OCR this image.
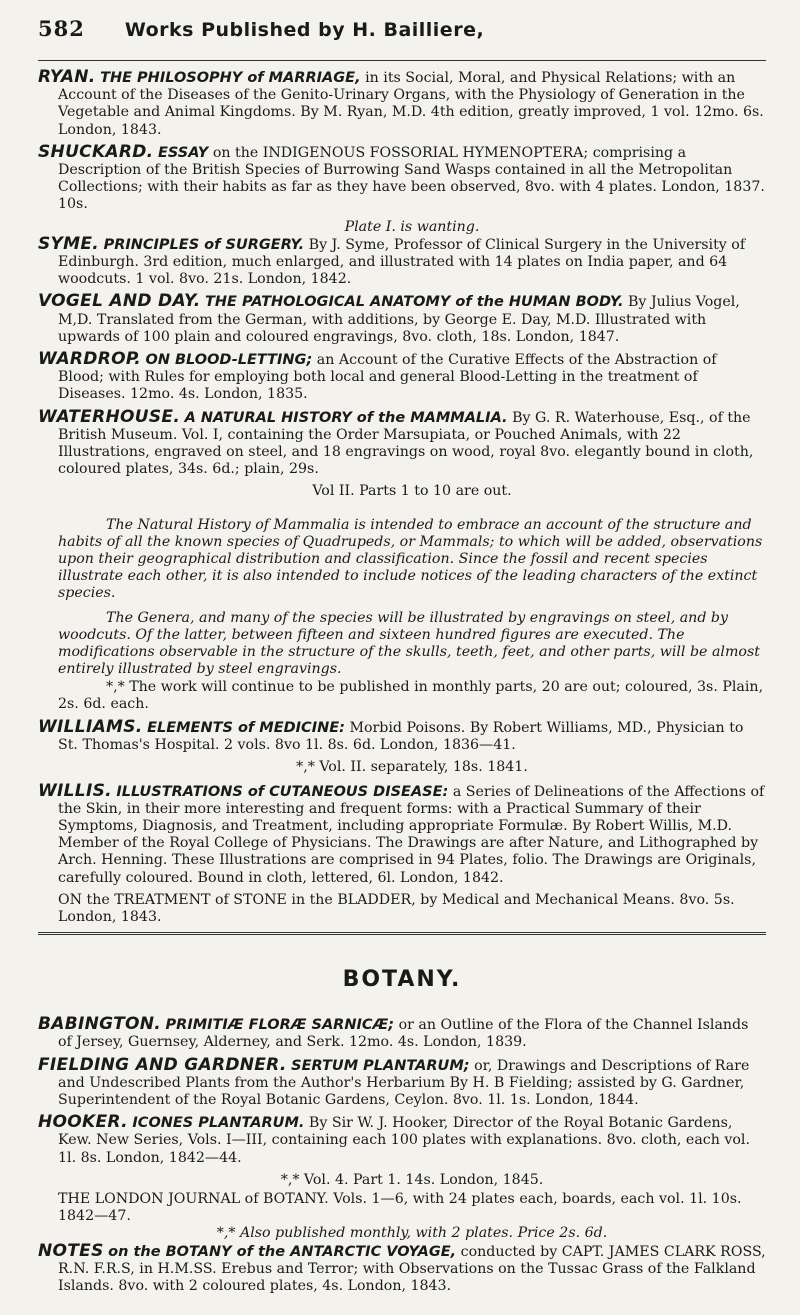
582 Works Published by H. Bailliere,

RYAN. THE PHILOSOPHY of MARRIAGE, in its Social, Moral, and Physical Relations; with an Account of the Diseases of the Genito-Urinary Organs, with the Physiology of Generation in the Vegetable and Animal Kingdoms. By M. Ryan, M.D. 4th edition, greatly improved, 1 vol. 12mo. 6s. London, 1843.

SHUCKARD. ESSAY on the INDIGENOUS FOSSORIAL HYMENOPTERA; comprising a Description of the British Species of Burrowing Sand Wasps contained in all the Metropolitan Collections; with their habits as far as they have been observed, 8vo. with 4 plates. London, 1837. 10s.

Plate I. is wanting.

SYME. PRINCIPLES of SURGERY. By J. Syme, Professor of Clinical Surgery in the University of Edinburgh. 3rd edition, much enlarged, and illustrated with 14 plates on India paper, and 64 woodcuts. 1 vol. 8vo. 21s. London, 1842.

VOGEL AND DAY. THE PATHOLOGICAL ANATOMY of the HUMAN BODY. By Julius Vogel, M,D. Translated from the German, with additions, by George E. Day, M.D. Illustrated with upwards of 100 plain and coloured engravings, 8vo. cloth, 18s. London, 1847.

WARDROP. ON BLOOD-LETTING; an Account of the Curative Effects of the Abstraction of Blood; with Rules for employing both local and general Blood-Letting in the treatment of Diseases. 12mo. 4s. London, 1835.

WATERHOUSE. A NATURAL HISTORY of the MAMMALIA. By G. R. Waterhouse, Esq., of the British Museum. Vol. I, containing the Order Marsupiata, or Pouched Animals, with 22 Illustrations, engraved on steel, and 18 engravings on wood, royal 8vo. elegantly bound in cloth, coloured plates, 34s. 6d.; plain, 29s.

Vol II. Parts 1 to 10 are out.

The Natural History of Mammalia is intended to embrace an account of the structure and habits of all the known species of Quadrupeds, or Mammals; to which will be added, observations upon their geographical distribution and classification. Since the fossil and recent species illustrate each other, it is also intended to include notices of the leading characters of the extinct species.

The Genera, and many of the species will be illustrated by engravings on steel, and by woodcuts. Of the latter, between fifteen and sixteen hundred figures are executed. The modifications observable in the structure of the skulls, teeth, feet, and other parts, will be almost entirely illustrated by steel engravings.

*,* The work will continue to be published in monthly parts, 20 are out; coloured, 3s. Plain, 2s. 6d. each.

WILLIAMS. ELEMENTS of MEDICINE: Morbid Poisons. By Robert Williams, MD., Physician to St. Thomas's Hospital. 2 vols. 8vo 1l. 8s. 6d. London, 1836—41.

*,* Vol. II. separately, 18s. 1841.

WILLIS. ILLUSTRATIONS of CUTANEOUS DISEASE: a Series of Delineations of the Affections of the Skin, in their more interesting and frequent forms: with a Practical Summary of their Symptoms, Diagnosis, and Treatment, including appropriate Formulæ. By Robert Willis, M.D. Member of the Royal College of Physicians. The Drawings are after Nature, and Lithographed by Arch. Henning. These Illustrations are comprised in 94 Plates, folio. The Drawings are Originals, carefully coloured. Bound in cloth, lettered, 6l. London, 1842.

ON the TREATMENT of STONE in the BLADDER, by Medical and Mechanical Means. 8vo. 5s. London, 1843.

BOTANY.

BABINGTON. PRIMITIÆ FLORÆ SARNICÆ; or an Outline of the Flora of the Channel Islands of Jersey, Guernsey, Alderney, and Serk. 12mo. 4s. London, 1839.

FIELDING AND GARDNER. SERTUM PLANTARUM; or, Drawings and Descriptions of Rare and Undescribed Plants from the Author's Herbarium By H. B Fielding; assisted by G. Gardner, Superintendent of the Royal Botanic Gardens, Ceylon. 8vo. 1l. 1s. London, 1844.

HOOKER. ICONES PLANTARUM. By Sir W. J. Hooker, Director of the Royal Botanic Gardens, Kew. New Series, Vols. I—III, containing each 100 plates with explanations. 8vo. cloth, each vol. 1l. 8s. London, 1842—44.

*,* Vol. 4. Part 1. 14s. London, 1845.

THE LONDON JOURNAL of BOTANY. Vols. 1—6, with 24 plates each, boards, each vol. 1l. 10s. 1842—47.

*,* Also published monthly, with 2 plates. Price 2s. 6d.

NOTES on the BOTANY of the ANTARCTIC VOYAGE, conducted by CAPT. JAMES CLARK ROSS, R.N. F.R.S, in H.M.SS. Erebus and Terror; with Observations on the Tussac Grass of the Falkland Islands. 8vo. with 2 coloured plates, 4s. London, 1843.
